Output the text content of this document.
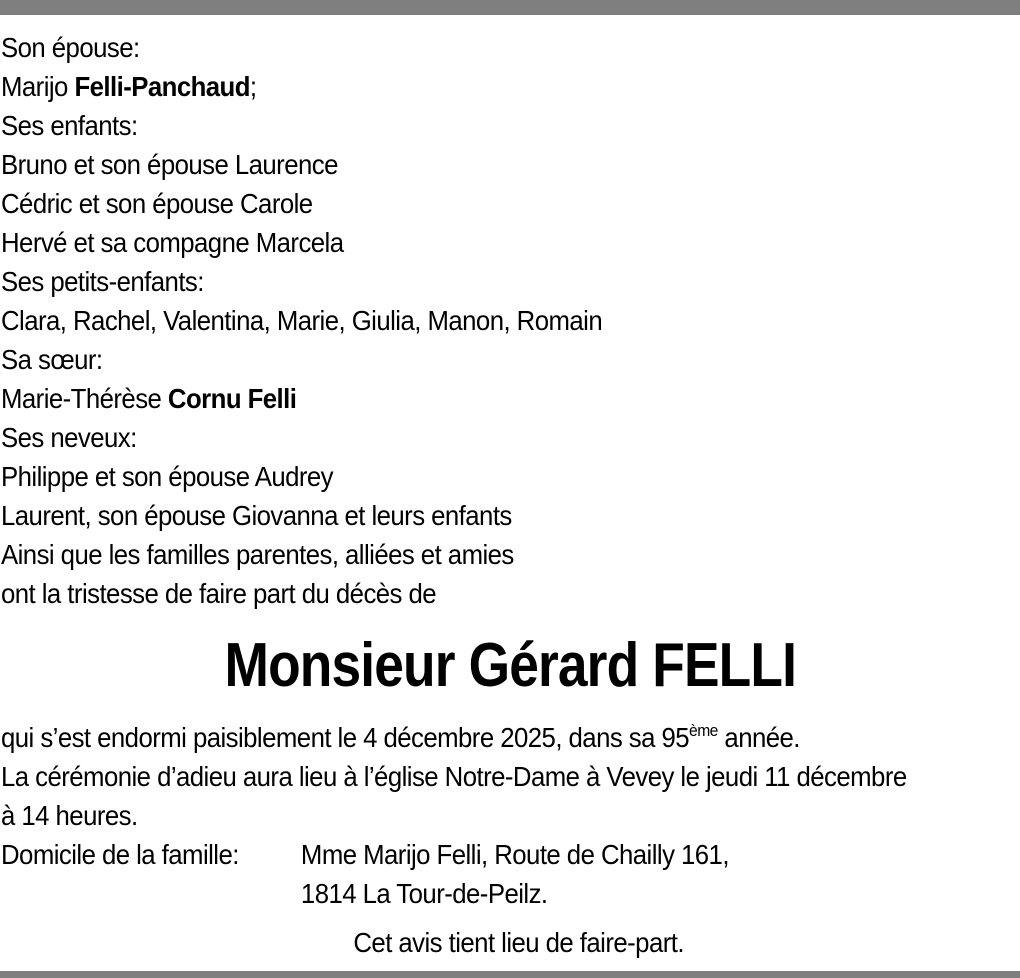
Son épouse:
Marijo Felli-Panchaud;
Ses enfants:
Bruno et son épouse Laurence
Cédric et son épouse Carole
Hervé et sa compagne Marcela
Ses petits-enfants:
Clara, Rachel, Valentina, Marie, Giulia, Manon, Romain
Sa sœur:
Marie-Thérèse Cornu Felli
Ses neveux:
Philippe et son épouse Audrey
Laurent, son épouse Giovanna et leurs enfants
Ainsi que les familles parentes, alliées et amies
ont la tristesse de faire part du décès de
Monsieur Gérard FELLI
qui s’est endormi paisiblement le 4 décembre 2025, dans sa 95ème année.
La cérémonie d’adieu aura lieu à l’église Notre-Dame à Vevey le jeudi 11 décembre
à 14 heures.
Domicile de la famille:	Mme Marijo Felli, Route de Chailly 161,
1814 La Tour-de-Peilz.
Cet avis tient lieu de faire-part.
